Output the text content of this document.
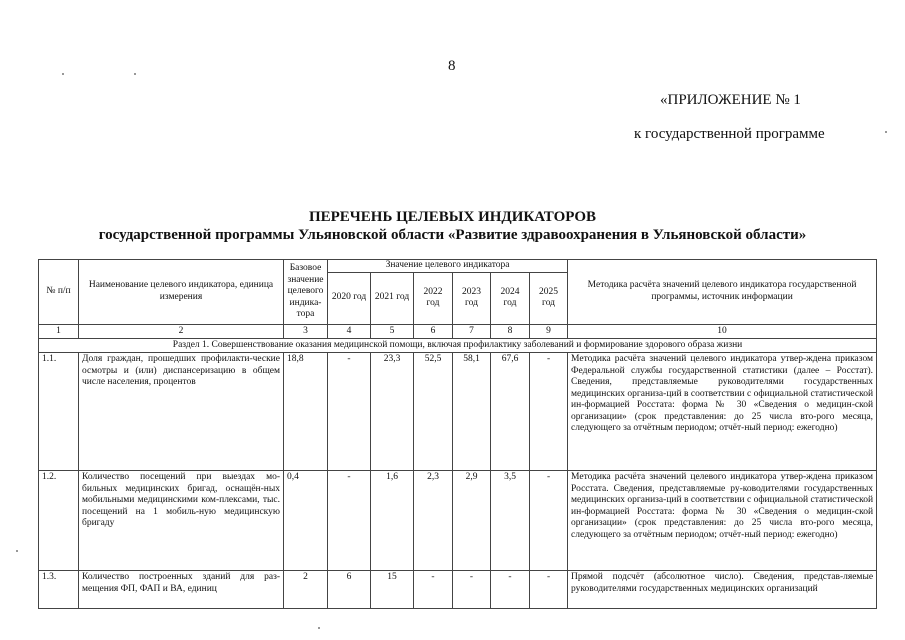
8
«ПРИЛОЖЕНИЕ № 1
к государственной программе
ПЕРЕЧЕНЬ ЦЕЛЕВЫХ ИНДИКАТОРОВ
государственной программы Ульяновской области «Развитие здравоохранения в Ульяновской области»
№ п/п	Наименование целевого индикатора, единица измерения	Базовое значение целевого индика-тора	Значение целевого индикатора						Методика расчёта значений целевого индикатора государственной программы, источник информации
			2020 год	2021 год	2022 год	2023 год	2024 год	2025 год	
1	2	3	4	5	6	7	8	9	10
Раздел 1. Совершенствование оказания медицинской помощи, включая профилактику заболеваний и формирование здорового образа жизни									
1.1.	Доля граждан, прошедших профилакти-ческие осмотры и (или) диспансеризацию в общем числе населения, процентов	18,8	-	23,3	52,5	58,1	67,6	-	Методика расчёта значений целевого индикатора утвер-ждена приказом Федеральной службы государственной статистики (далее – Росстат). Сведения, представляемые руководителями государственных медицинских организа-ций в соответствии с официальной статистической ин-формацией Росстата: форма № 30 «Сведения о медицин-ской организации» (срок представления: до 25 числа вто-рого месяца, следующего за отчётным периодом; отчёт-ный период: ежегодно)
1.2.	Количество посещений при выездах мо-бильных медицинских бригад, оснащён-ных мобильными медицинскими ком-плексами, тыс. посещений на 1 мобиль-ную медицинскую бригаду	0,4	-	1,6	2,3	2,9	3,5	-	Методика расчёта значений целевого индикатора утвер-ждена приказом Росстата. Сведения, представляемые ру-ководителями государственных медицинских организа-ций в соответствии с официальной статистической ин-формацией Росстата: форма № 30 «Сведения о медицин-ской организации» (срок представления: до 25 числа вто-рого месяца, следующего за отчётным периодом; отчёт-ный период: ежегодно)
1.3.	Количество построенных зданий для раз-мещения ФП, ФАП и ВА, единиц	2	6	15	-	-	-	-	Прямой подсчёт (абсолютное число). Сведения, представ-ляемые руководителями государственных медицинских организаций
